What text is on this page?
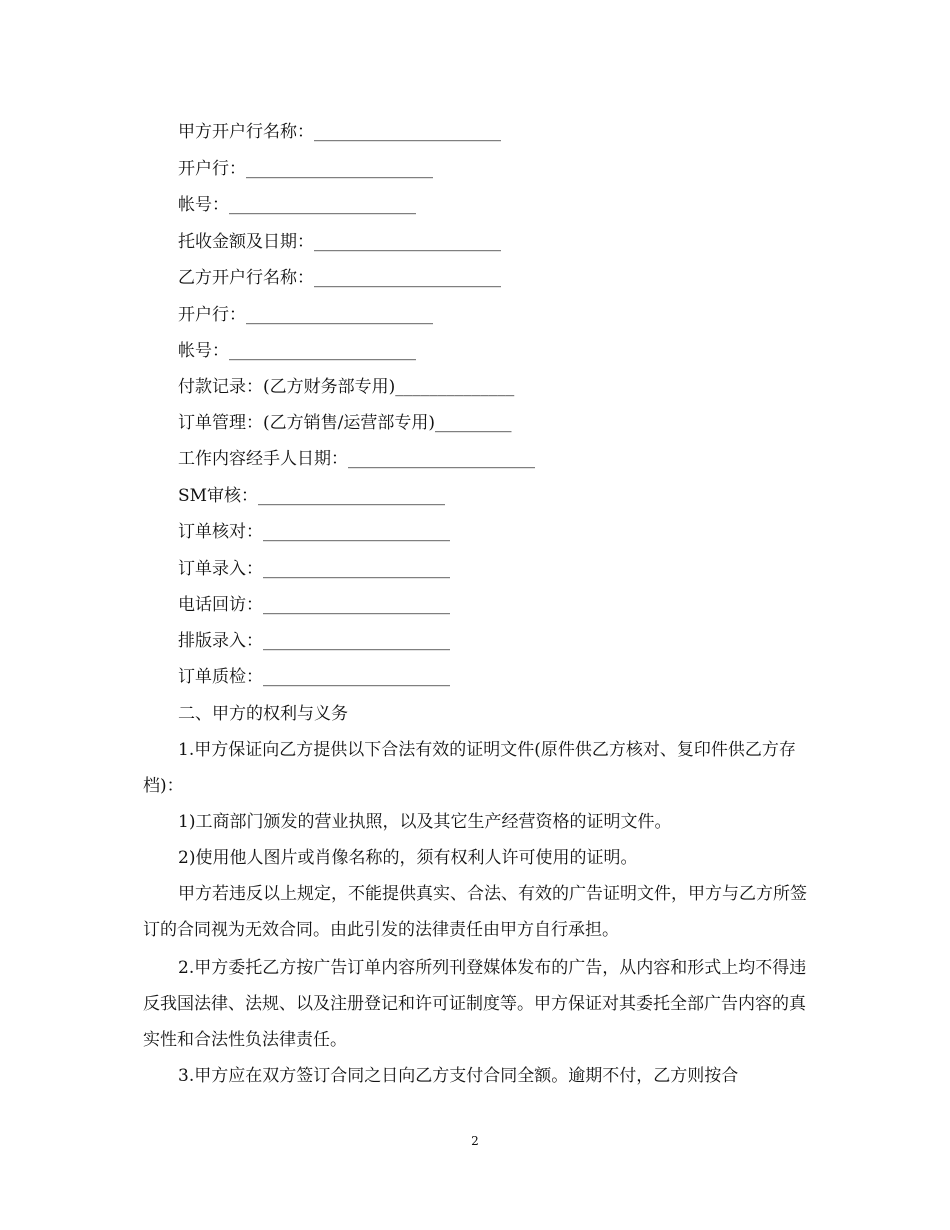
甲方开户行名称：______________________
开户行：______________________
帐号：______________________
托收金额及日期：______________________
乙方开户行名称：______________________
开户行：______________________
帐号：______________________
付款记录：(乙方财务部专用)______________
订单管理：(乙方销售/运营部专用)_________
工作内容经手人日期：______________________
SM审核：______________________
订单核对：______________________
订单录入：______________________
电话回访：______________________
排版录入：______________________
订单质检：______________________
二、甲方的权利与义务
1.甲方保证向乙方提供以下合法有效的证明文件(原件供乙方核对、复印件供乙方存档)：
1)工商部门颁发的营业执照，以及其它生产经营资格的证明文件。
2)使用他人图片或肖像名称的，须有权利人许可使用的证明。
甲方若违反以上规定，不能提供真实、合法、有效的广告证明文件，甲方与乙方所签订的合同视为无效合同。由此引发的法律责任由甲方自行承担。
2.甲方委托乙方按广告订单内容所列刊登媒体发布的广告，从内容和形式上均不得违反我国法律、法规、以及注册登记和许可证制度等。甲方保证对其委托全部广告内容的真实性和合法性负法律责任。
3.甲方应在双方签订合同之日向乙方支付合同全额。逾期不付，乙方则按合
2
